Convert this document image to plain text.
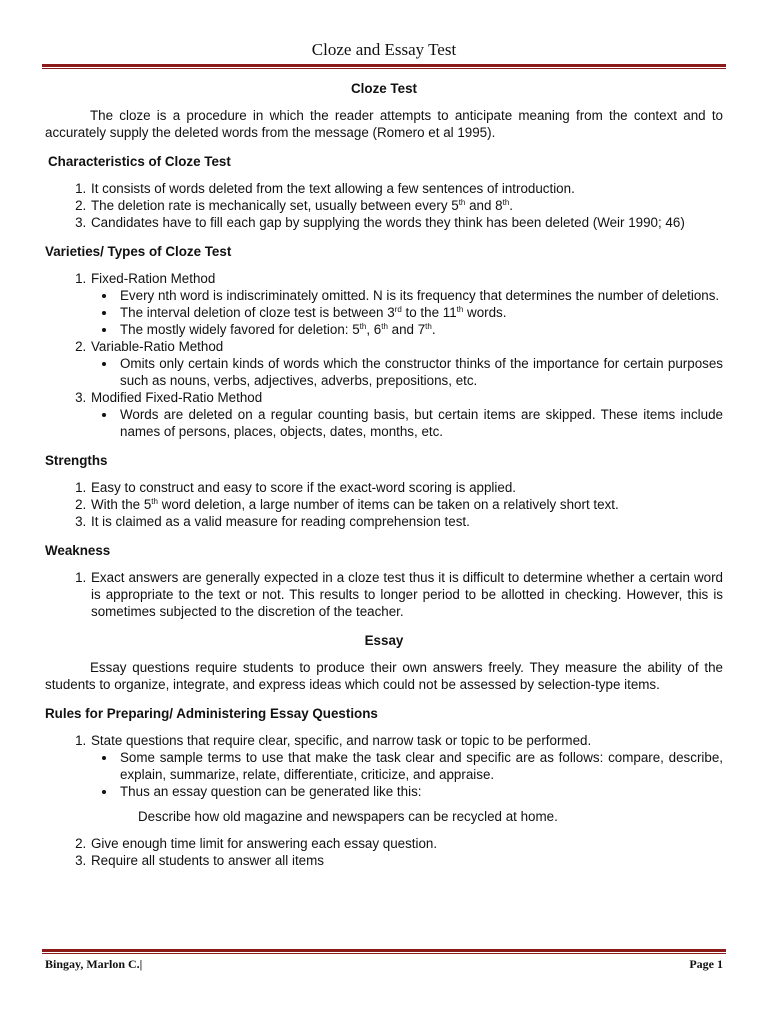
Cloze and Essay Test

Cloze Test

The cloze is a procedure in which the reader attempts to anticipate meaning from the context and to accurately supply the deleted words from the message (Romero et al 1995).

Characteristics of Cloze Test

1. It consists of words deleted from the text allowing a few sentences of introduction.
2. The deletion rate is mechanically set, usually between every 5th and 8th.
3. Candidates have to fill each gap by supplying the words they think has been deleted (Weir 1990; 46)

Varieties/ Types of Cloze Test

1. Fixed-Ration Method
• Every nth word is indiscriminately omitted. N is its frequency that determines the number of deletions.
• The interval deletion of cloze test is between 3rd to the 11th words.
• The mostly widely favored for deletion: 5th, 6th and 7th.
2. Variable-Ratio Method
• Omits only certain kinds of words which the constructor thinks of the importance for certain purposes such as nouns, verbs, adjectives, adverbs, prepositions, etc.
3. Modified Fixed-Ratio Method
• Words are deleted on a regular counting basis, but certain items are skipped. These items include names of persons, places, objects, dates, months, etc.

Strengths

1. Easy to construct and easy to score if the exact-word scoring is applied.
2. With the 5th word deletion, a large number of items can be taken on a relatively short text.
3. It is claimed as a valid measure for reading comprehension test.

Weakness

1. Exact answers are generally expected in a cloze test thus it is difficult to determine whether a certain word is appropriate to the text or not. This results to longer period to be allotted in checking. However, this is sometimes subjected to the discretion of the teacher.

Essay

Essay questions require students to produce their own answers freely. They measure the ability of the students to organize, integrate, and express ideas which could not be assessed by selection-type items.

Rules for Preparing/ Administering Essay Questions

1. State questions that require clear, specific, and narrow task or topic to be performed.
• Some sample terms to use that make the task clear and specific are as follows: compare, describe, explain, summarize, relate, differentiate, criticize, and appraise.
• Thus an essay question can be generated like this:

Describe how old magazine and newspapers can be recycled at home.

2. Give enough time limit for answering each essay question.
3. Require all students to answer all items
Bingay, Marlon C.|	Page 1
